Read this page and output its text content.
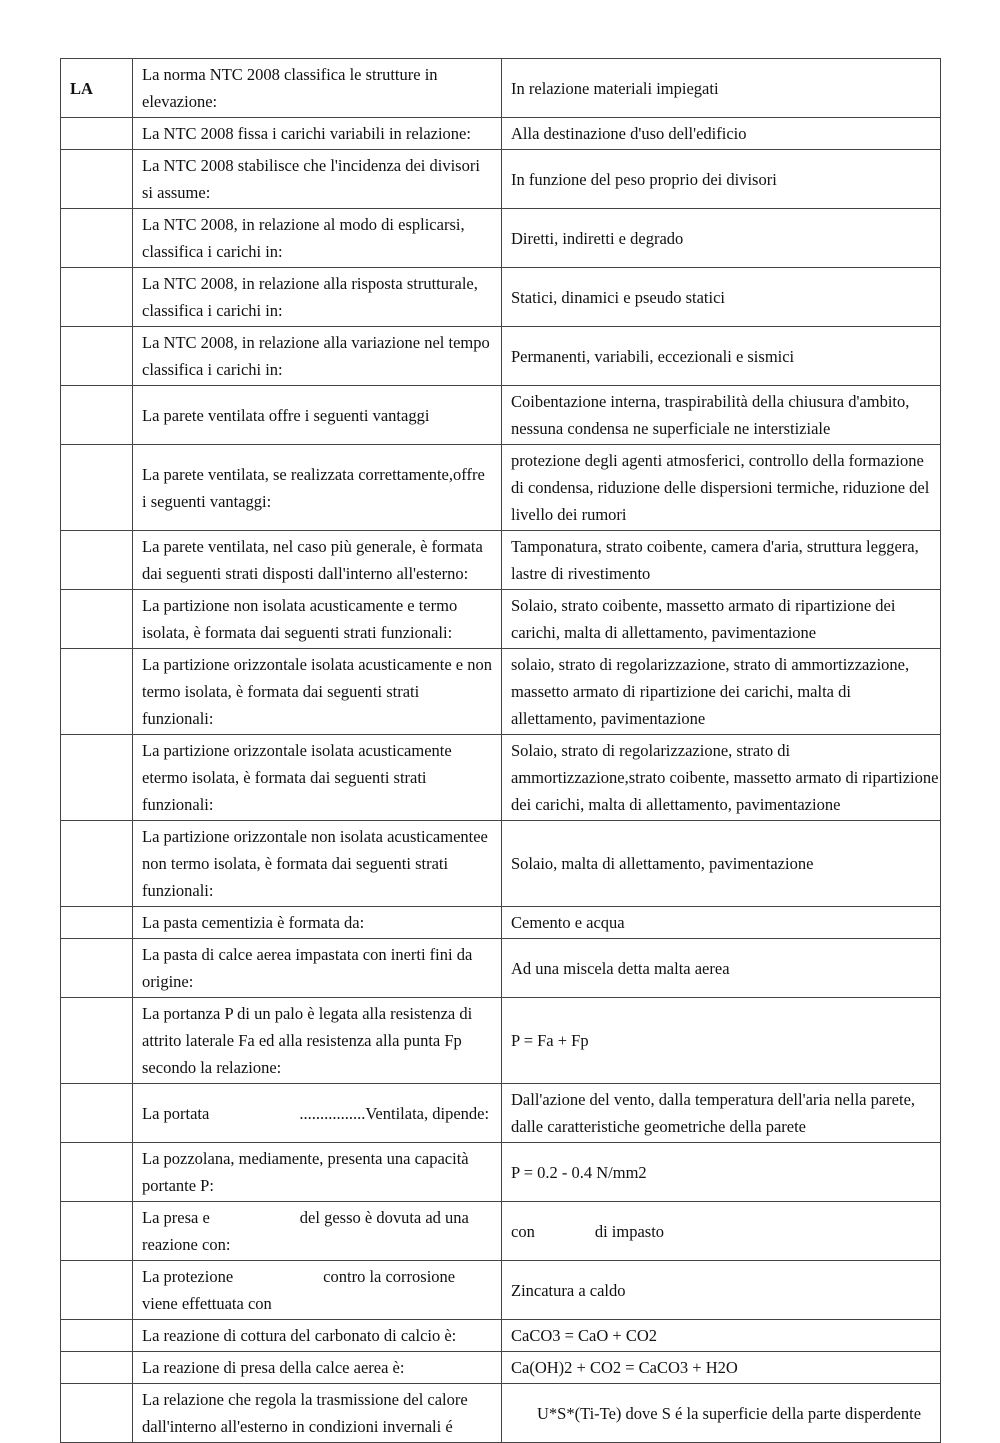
LA	La norma NTC 2008 classifica le strutture in elevazione:	In relazione materiali impiegati
	La NTC 2008 fissa i carichi variabili in relazione:	Alla destinazione d'uso dell'edificio
	La NTC 2008 stabilisce che l'incidenza dei divisori si assume:	In funzione del peso proprio dei divisori
	La NTC 2008, in relazione al modo di esplicarsi, classifica i carichi in:	Diretti, indiretti e degrado
	La NTC 2008, in relazione alla risposta strutturale, classifica i carichi in:	Statici, dinamici e pseudo statici
	La NTC 2008, in relazione alla variazione nel tempo classifica i carichi in:	Permanenti, variabili, eccezionali e sismici
	La parete ventilata offre i seguenti vantaggi	Coibentazione interna, traspirabilità della chiusura d'ambito, nessuna condensa ne superficiale ne interstiziale
	La parete ventilata, se realizzata correttamente,offre i seguenti vantaggi:	protezione degli agenti atmosferici, controllo della formazione di condensa, riduzione delle dispersioni termiche, riduzione del livello dei rumori
	La parete ventilata, nel caso più generale, è formata dai seguenti strati disposti dall'interno all'esterno:	Tamponatura, strato coibente, camera d'aria, struttura leggera, lastre di rivestimento
	La partizione non isolata acusticamente e termo isolata, è formata dai seguenti strati funzionali:	Solaio, strato coibente, massetto armato di ripartizione dei carichi, malta di allettamento, pavimentazione
	La partizione orizzontale isolata acusticamente e non termo isolata, è formata dai seguenti strati funzionali:	solaio, strato di regolarizzazione, strato di ammortizzazione, massetto armato di ripartizione dei carichi, malta di allettamento, pavimentazione
	La partizione orizzontale isolata acusticamente etermo isolata, è formata dai seguenti strati funzionali:	Solaio, strato di regolarizzazione, strato di ammortizzazione,strato coibente, massetto armato di ripartizione dei carichi, malta di allettamento, pavimentazione
	La partizione orizzontale non isolata acusticamentee non termo isolata, è formata dai seguenti strati funzionali:	Solaio, malta di allettamento, pavimentazione
	La pasta cementizia è formata da:	Cemento e acqua
	La pasta di calce aerea impastata con inerti fini da origine:	Ad una miscela detta malta aerea
	La portanza P di un palo è legata alla resistenza di attrito laterale Fa ed alla resistenza alla punta Fp secondo la relazione:	P = Fa + Fp
	La portata ................Ventilata, dipende:	Dall'azione del vento, dalla temperatura dell'aria nella parete, dalle caratteristiche geometriche della parete
	La pozzolana, mediamente, presenta una capacità portante P:	P = 0.2 - 0.4 N/mm2
	La presa e del gesso è dovuta ad una reazione con:	con di impasto
	La protezione contro la corrosione viene effettuata con	Zincatura a caldo
	La reazione di cottura del carbonato di calcio è:	CaCO3 = CaO + CO2
	La reazione di presa della calce aerea è:	Ca(OH)2 + CO2 = CaCO3 + H2O
	La relazione che regola la trasmissione del calore dall'interno all'esterno in condizioni invernali é	U*S*(Ti-Te) dove S é la superficie della parte disperdente
